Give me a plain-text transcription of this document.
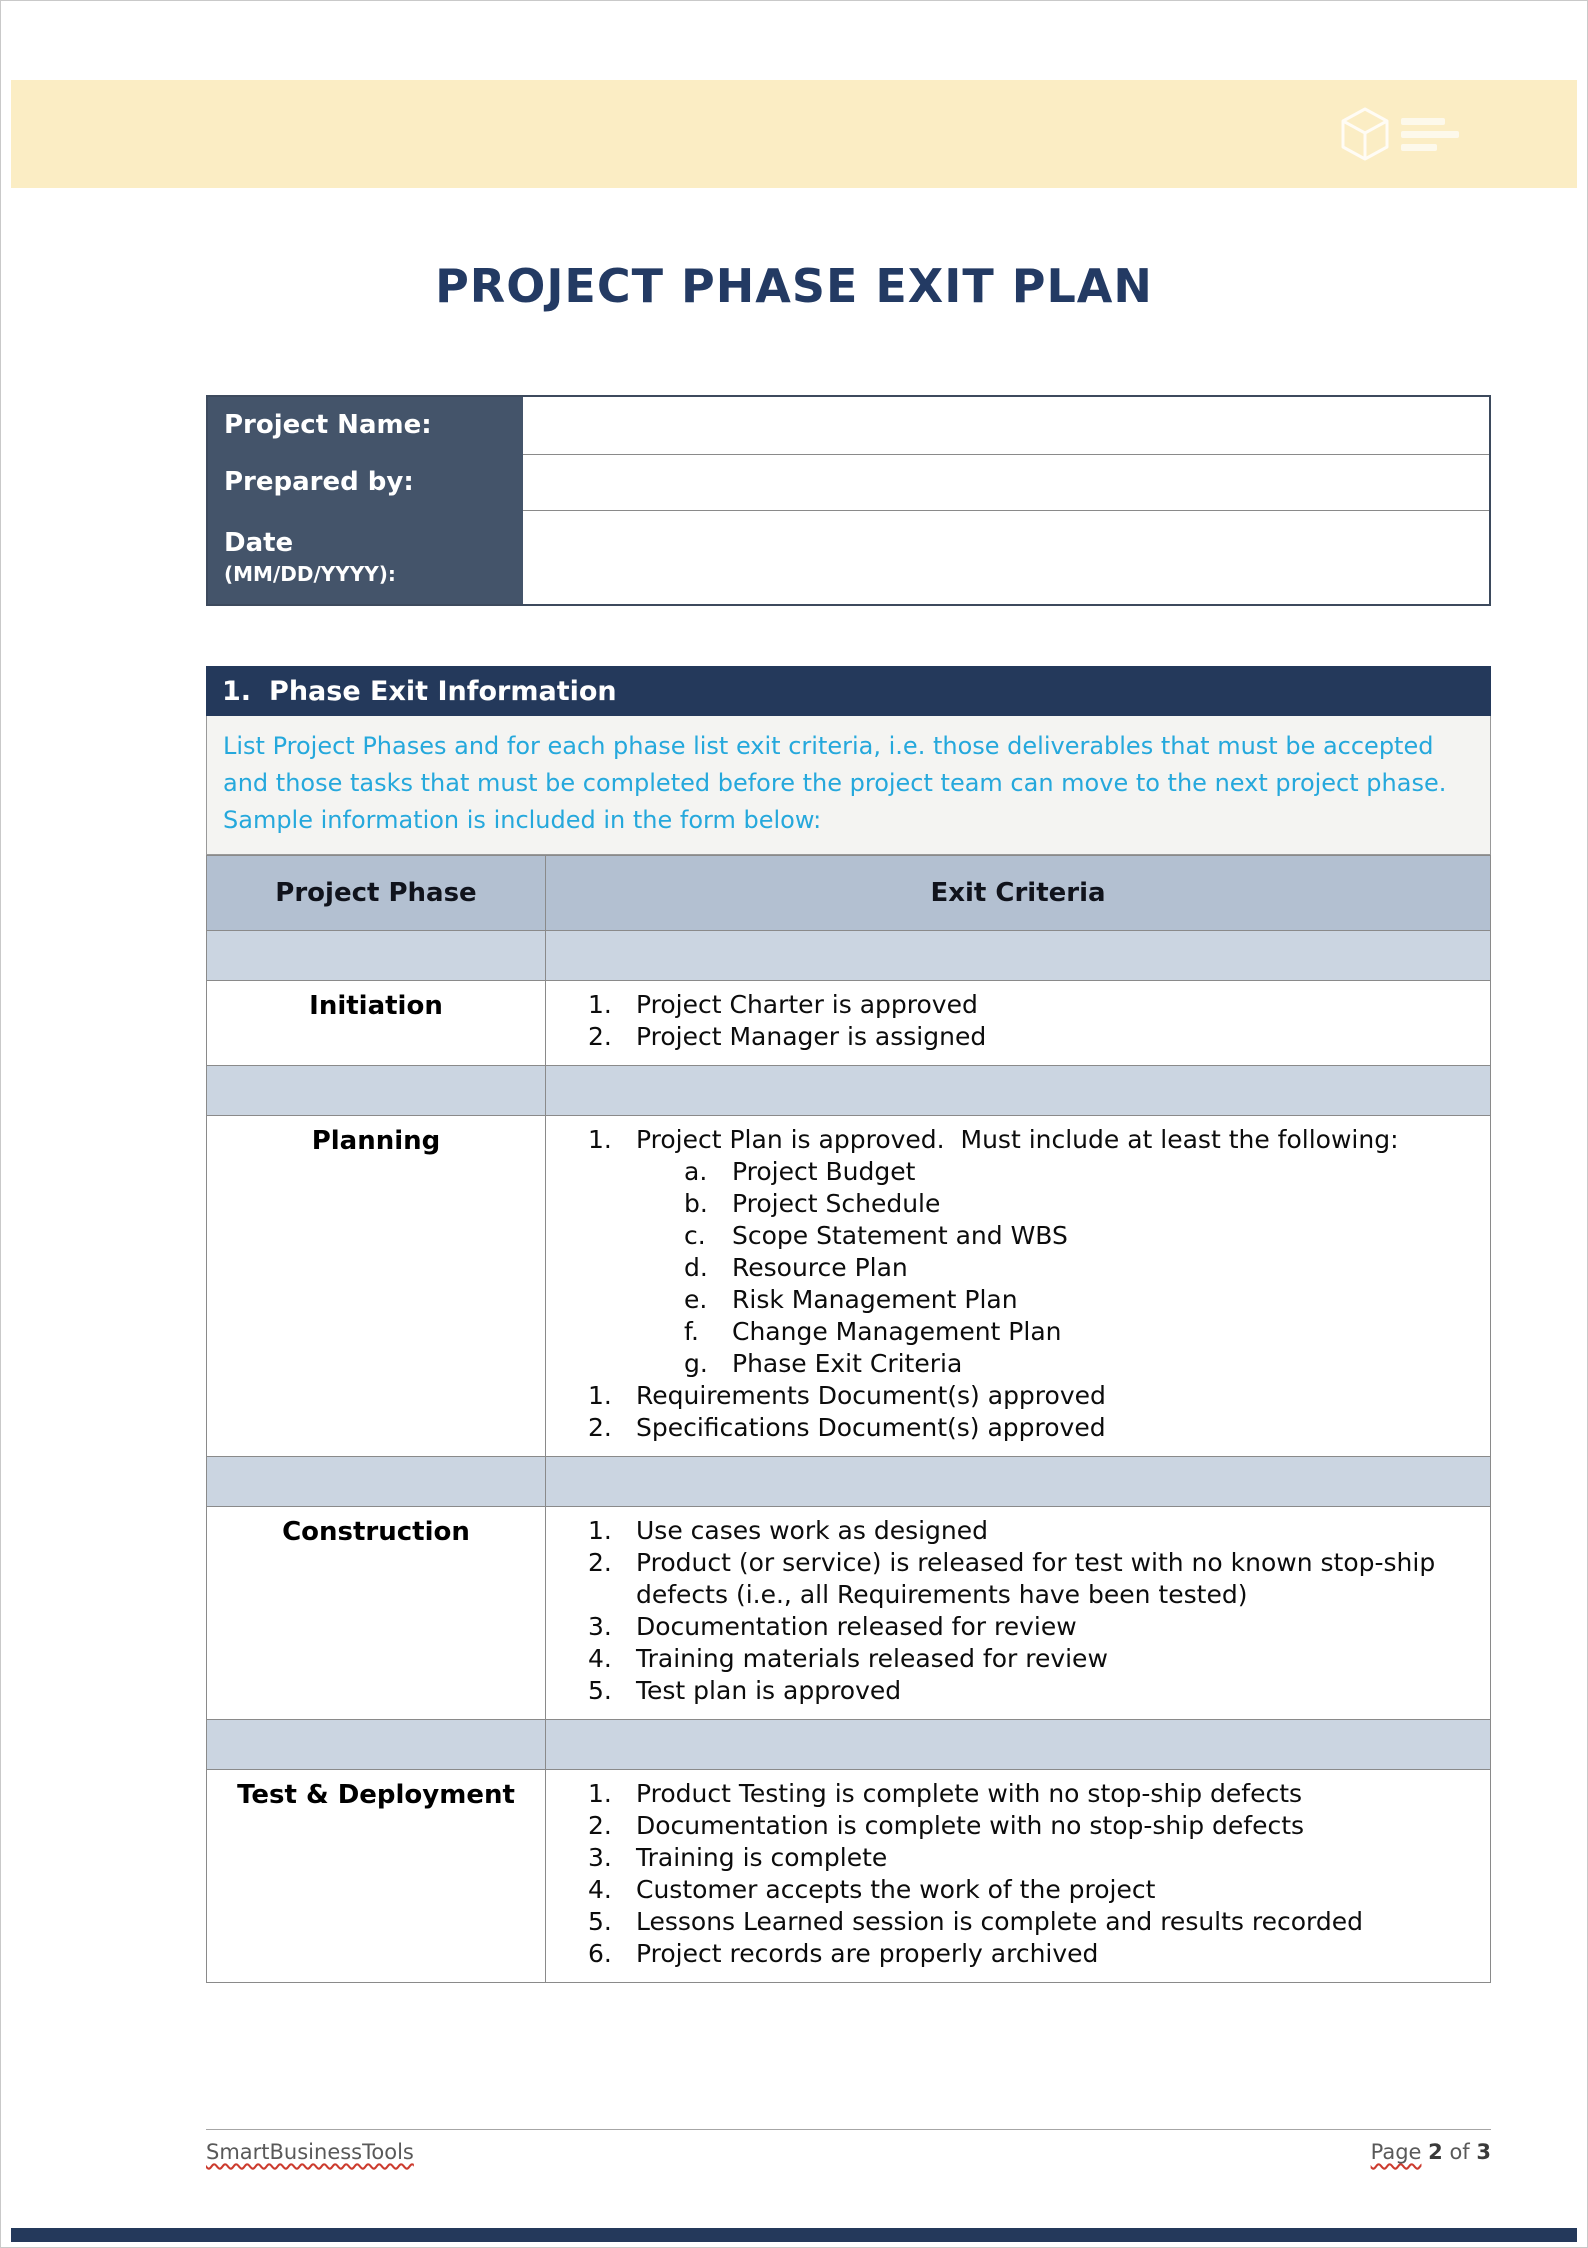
PROJECT PHASE EXIT PLAN
Project Name:	
Prepared by:	

Date
(MM/DD/YYYY):	

1. Phase Exit Information
List Project Phases and for each phase list exit criteria, i.e. those deliverables that must be accepted and those tasks that must be completed before the project team can move to the next project phase. Sample information is included in the form below:
Project Phase	Exit Criteria

Initiation	1. Project Charter is approved
2. Project Manager is assigned

Planning	1. Project Plan is approved.  Must include at least the following:
a. Project Budget
b. Project Schedule
c.	Scope Statement and WBS
d. Resource Plan
e. Risk Management Plan
f.	Change Management Plan
g. Phase Exit Criteria
1. Requirements Document(s) approved
2. Specifications Document(s) approved

Construction	1. Use cases work as designed
2. Product (or service) is released for test with no known stop-ship defects (i.e., all Requirements have been tested)
3. Documentation released for review
4. Training materials released for review
5. Test plan is approved

Test & Deployment	1. Product Testing is complete with no stop-ship defects
2. Documentation is complete with no stop-ship defects
3. Training is complete
4. Customer accepts the work of the project
5. Lessons Learned session is complete and results recorded
6. Project records are properly archived
SmartBusinessTools	Page 2 of 3
